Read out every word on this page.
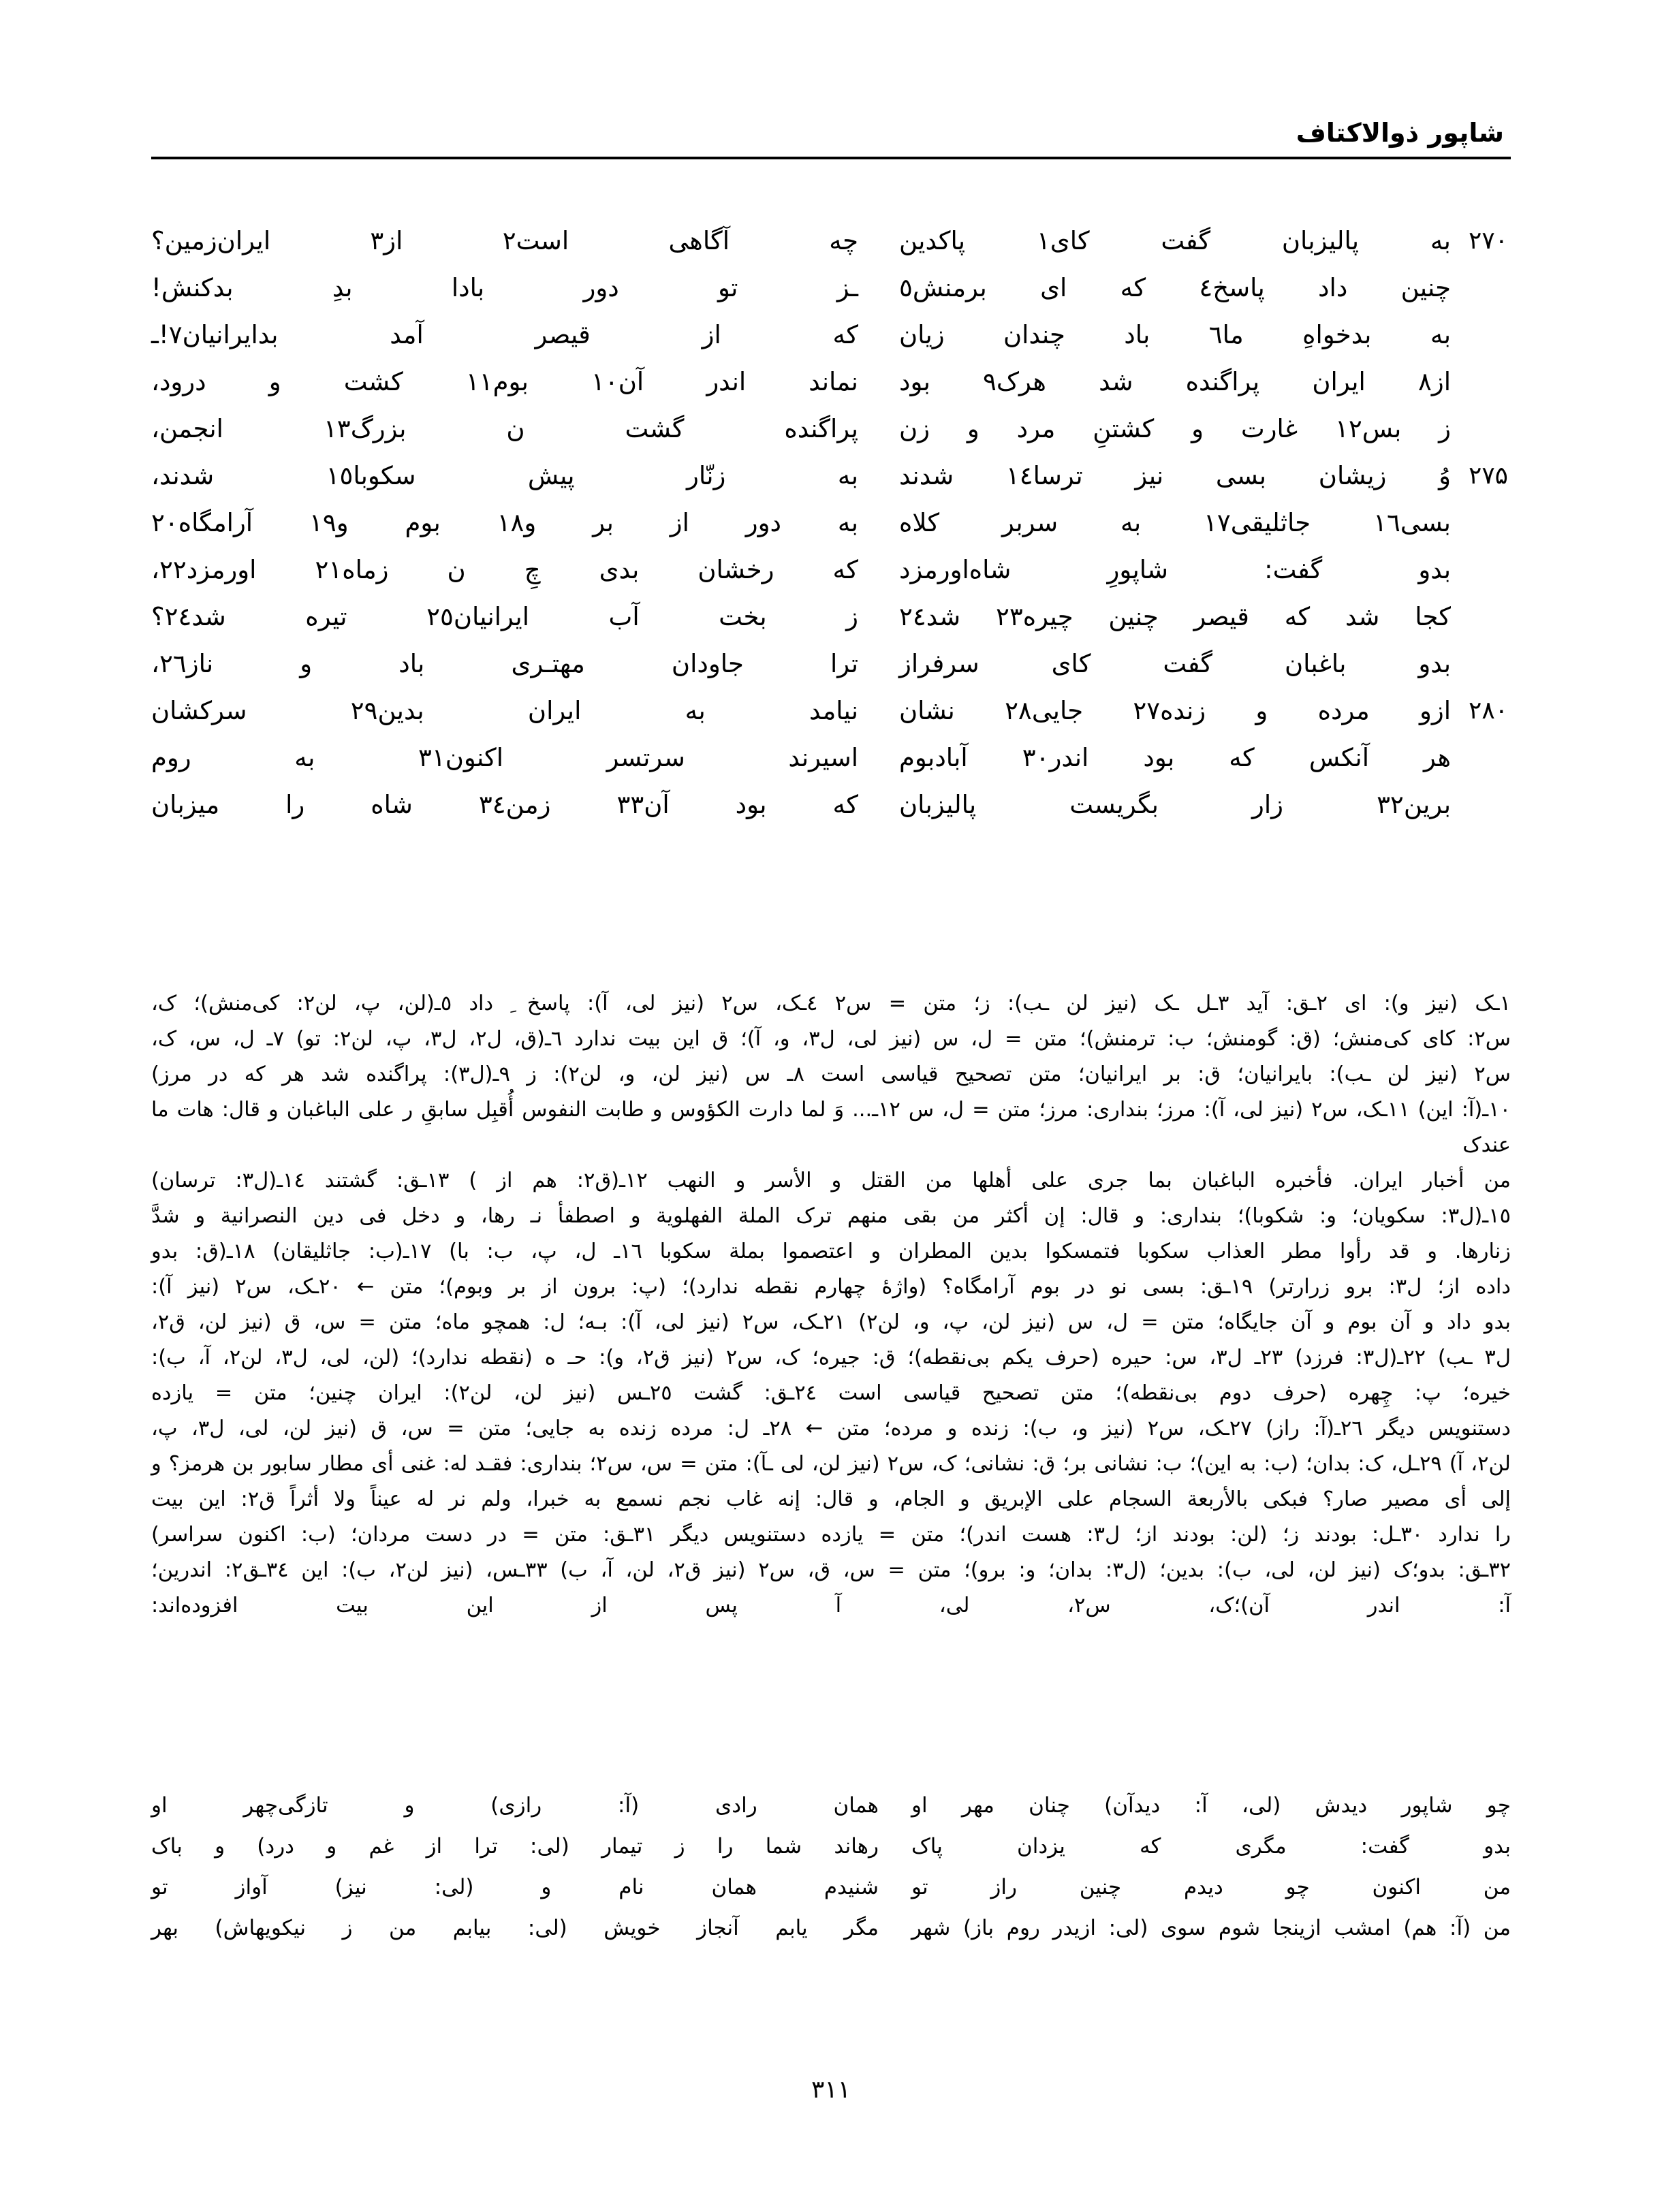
شاپور ذوالاکتاف
۲۷۰
به پالیزبان گفت کای١ پاکدین
چه آگاهی است٢ از٣ ایران‌زمین؟
چنین داد پاسخ٤ که ای برمنش٥
ـز تو دور بادا بدِ بدکنش!
به بدخواهِ ما٦ باد چندان زیان
که از قیصر آمد بدایرانیان٧!ـ
از٨ ایران پراگنده شد هرک٩ بود
نماند اندر آن١٠ بوم١١ کشت و درود،
ز بس١٢ غارت و کشتنِ مرد و زن
پراگنده گشت ن بزرگ١٣ انجمن،
۲۷۵
وُ زیشان بسی نیز ترسا١٤ شدند
به زنّار پیش سکوبا١٥ شدند،
بسی١٦ جاثلیقی١٧ به سربر کلاه
به دور از بر و١٨ بوم و١٩ آرامگاه٢٠
بدو گفت: شاپورِ شاه‌اورمزد
که رخشان بدی چِ ن زماه٢١ اورمزد٢٢،
کجا شد که قیصر چنین چیره٢٣ شد٢٤
ز بخت آب ایرانیان٢٥ تیره شد٢٤؟
بدو باغبان گفت کای سرفراز
ترا جاودان مهتـری باد و ناز٢٦،
۲۸۰
ازو مرده و زنده٢٧ جایی٢٨ نشان
نیامد به ایران بدین٢٩ سرکشان
هر آنکس که بود اندر٣٠ آبادبوم
اسیرند سرتسر اکنون٣١ به روم
برین٣٢ زار بگریست پالیزبان
که بود آن٣٣ زمن٣٤ شاه را میزبان

١ـک (نیز و): ای ٢ـق: آید ٣ـل ـک (نیز لن ـب): ز؛ متن = س٢ ٤ـک، س٢ (نیز لی، آ): پاسخ ِ داد ٥ـ(لن، پ، لن٢: کی‌منش)؛ ک،

س٢: کای کی‌منش؛ (ق: گومنش؛ ب: ترمنش)؛ متن = ل، س (نیز لی، ل٣، و، آ)؛ ق این بیت ندارد ٦ـ(ق، ل٢، ل٣، پ، لن٢: تو) ٧ـ ل، س، ک،

س٢ (نیز لن ـب): بایرانیان؛ ق: بر ایرانیان؛ متن تصحیح قیاسی است ٨ـ س (نیز لن، و، لن٢): ز ٩ـ(ل٣): پراگنده شد هر که در مرز)

١٠ـ(آ: این) ١١ـک، س٢ (نیز لی، آ): مرز؛ بنداری: مرز؛ متن = ل، س ١٢ـ... وَ لما دارت الکؤوس و طابت النفوس أُقبِل سابقِ ر علی الباغبان و قال: هات ما عندک

من أخبار ایران. فأخبره الباغبان بما جری علی أهلها من القتل و الأسر و النهب ١٢ـ(ق٢: هم از ) ١٣ـق: گشتند ١٤ـ(ل٣: ترسان)

١٥ـ(ل٣: سکویان؛ و: شکوبا)؛ بنداری: و قال: إن أکثر من بقی منهم ترک الملة الفهلویة و اصطفأ نـ رها، و دخل فی دین النصرانیة و شدَّ

زنارها. و قد رأوا مطر العذاب سکوبا فتمسکوا بدین المطران و اعتصموا بملة سکوبا ١٦ـ ل، پ، ب: با) ١٧ـ(ب: جاثلیقان) ١٨ـ(ق: بدو

داده از؛ ل٣: برو زرارتر) ١٩ـق: بسی نو در بوم آرامگاه؟ (واژهٔ چهارم نقطه ندارد)؛ (پ: برون از بر وبوم)؛ متن ← ٢٠ـک، س٢ (نیز آ):

بدو داد و آن بوم و آن جایگاه؛ متن = ل، س (نیز لن، پ، و، لن٢) ٢١ـک، س٢ (نیز لی، آ): بـه؛ ل: همچو ماه؛ متن = س، ق (نیز لن، ق٢،

ل٣ ـب) ٢٢ـ(ل٣: فرزد) ٢٣ـ ل٣، س: حیره (حرف یکم بی‌نقطه)؛ ق: جیره؛ ک، س٢ (نیز ق٢، و): حـ ه (نقطه ندارد)؛ (لن، لی، ل٣، لن٢، آ، ب):

خیره؛ پ: چِهره (حرف دوم بی‌نقطه)؛ متن تصحیح قیاسی است ٢٤ـق: گشت ٢٥ـس (نیز لن، لن٢): ایران چنین؛ متن = یازده

دستنویس دیگر ٢٦ـ(آ: راز) ٢٧ـک، س٢ (نیز و، ب): زنده و مرده؛ متن ← ٢٨ـ ل: مرده زنده به جایی؛ متن = س، ق (نیز لن، لی، ل٣، پ،

لن٢، آ) ٢٩ـل، ک: بدان؛ (ب: به این)؛ ب: نشانی بر؛ ق: نشانی؛ ک، س٢ (نیز لن، لی ـآ): متن = س، س٢؛ بنداری: فقـد له: غنی أی مطار سابور بن هرمز؟ و

إلی أی مصیر صار؟ فبکی بالأربعة السجام علی الإبریق و الجام، و قال: إنه غاب نجم نسمع به خبرا، ولم نر له عیناً ولا أثراً ق٢: این بیت

را ندارد ٣٠ـل: بودند ز؛ (لن: بودند از؛ ل٣: هست اندر)؛ متن = یازده دستنویس دیگر ٣١ـق: متن = در دست مردان؛ (ب: اکنون سراسر)

٣٢ـق: بدو؛ک (نیز لن، لی، ب): بدین؛ (ل٣: بدان؛ و: برو)؛ متن = س، ق، س٢ (نیز ق٢، لن، آ، ب) ٣٣ـس، (نیز لن٢، ب): این ٣٤ـق٢: اندرین؛

آ: اندر آن)؛ک، س٢، لی، آ پس از این بیت افزوده‌اند:

چو شاپور دیدش (لی، آ: دیدآن) چنان مهر او
همان رادی (آ: رازی) و تازگی‌چهر او
بدو گفت: مگری که یزدان پاک
رهاند شما را ز تیمار (لی: ترا از غم و درد) و باک
من اکنون چو دیدم چنین راز تو
شنیدم همان نام و (لی: نیز) آواز تو
من (آ: هم) امشب ازینجا شوم سوی (لی: ازیدر روم باز) شهر
مگر یابم آنجاز خویش (لی: بیابم من ز نیکویهاش) بهر
۳۱۱
